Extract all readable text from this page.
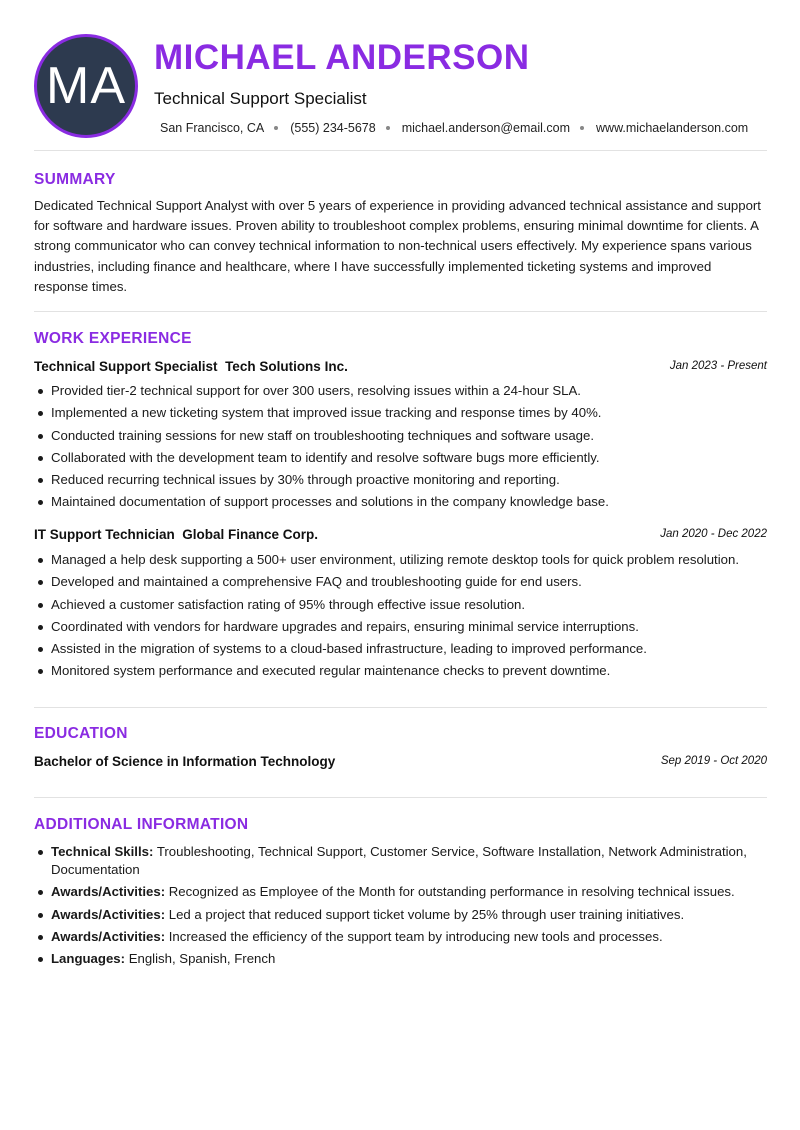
MA MICHAEL ANDERSON
Technical Support Specialist
San Francisco, CA (555) 234-5678 michael.anderson@email.com www.michaelanderson.com
SUMMARY
Dedicated Technical Support Analyst with over 5 years of experience in providing advanced technical assistance and support for software and hardware issues. Proven ability to troubleshoot complex problems, ensuring minimal downtime for clients. A strong communicator who can convey technical information to non-technical users effectively. My experience spans various industries, including finance and healthcare, where I have successfully implemented ticketing systems and improved response times.
WORK EXPERIENCE
Technical Support Specialist Tech Solutions Inc.	Jan 2023 - Present
Provided tier-2 technical support for over 300 users, resolving issues within a 24-hour SLA.
Implemented a new ticketing system that improved issue tracking and response times by 40%.
Conducted training sessions for new staff on troubleshooting techniques and software usage.
Collaborated with the development team to identify and resolve software bugs more efficiently.
Reduced recurring technical issues by 30% through proactive monitoring and reporting.
Maintained documentation of support processes and solutions in the company knowledge base.
IT Support Technician Global Finance Corp.	Jan 2020 - Dec 2022
Managed a help desk supporting a 500+ user environment, utilizing remote desktop tools for quick problem resolution.
Developed and maintained a comprehensive FAQ and troubleshooting guide for end users.
Achieved a customer satisfaction rating of 95% through effective issue resolution.
Coordinated with vendors for hardware upgrades and repairs, ensuring minimal service interruptions.
Assisted in the migration of systems to a cloud-based infrastructure, leading to improved performance.
Monitored system performance and executed regular maintenance checks to prevent downtime.
EDUCATION
Bachelor of Science in Information Technology	Sep 2019 - Oct 2020
ADDITIONAL INFORMATION
Technical Skills: Troubleshooting, Technical Support, Customer Service, Software Installation, Network Administration, Documentation
Awards/Activities: Recognized as Employee of the Month for outstanding performance in resolving technical issues.
Awards/Activities: Led a project that reduced support ticket volume by 25% through user training initiatives.
Awards/Activities: Increased the efficiency of the support team by introducing new tools and processes.
Languages: English, Spanish, French
